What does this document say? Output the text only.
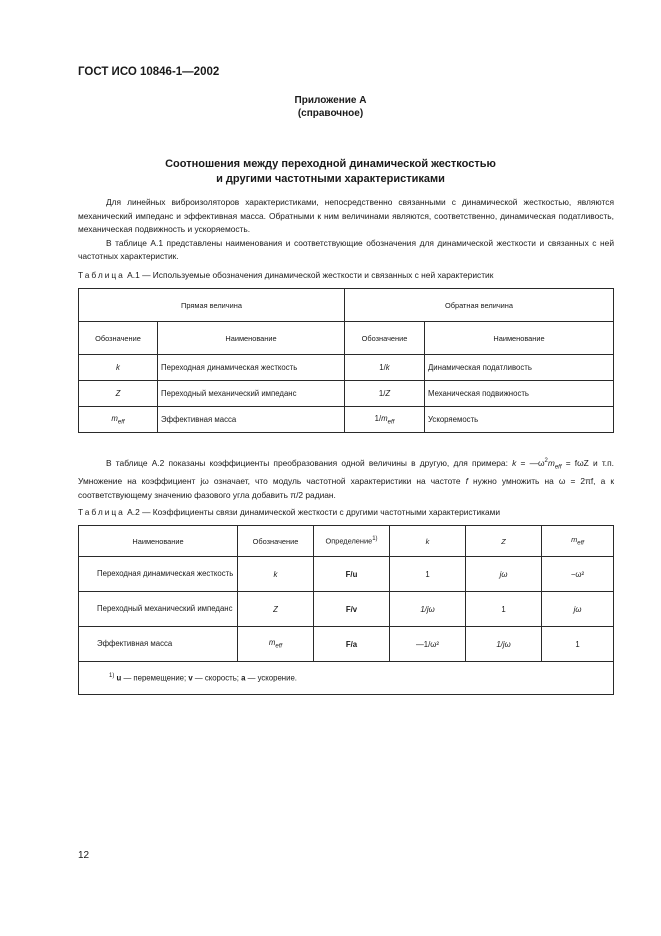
ГОСТ ИСО 10846-1—2002
Приложение А
(справочное)
Соотношения между переходной динамической жесткостью
и другими частотными характеристиками

Для линейных виброизоляторов характеристиками, непосредственно связанными с динамической жесткостью, являются механический импеданс и эффективная масса. Обратными к ним величинами являются, соответственно, динамическая податливость, механическая подвижность и ускоряемость.

В таблице А.1 представлены наименования и соответствующие обозначения для динамической жесткости и связанных с ней частотных характеристик.

Таблица А.1 — Используемые обозначения динамической жесткости и связанных с ней характеристик
Прямая величина		Обратная величина	
Обозначение	Наименование	Обозначение	Наименование
k	Переходная динамическая жесткость	1/k	Динамическая податливость
Z	Переходный механический импеданс	1/Z	Механическая подвижность
$m_{eff}$	Эффективная масса	$1/m_{eff}$	Ускоряемость

В таблице А.2 показаны коэффициенты преобразования одной величины в другую, для примера: $k = —\omega^2m_{eff} = f\omega Z$ и т.п. Умножение на коэффициент jω означает, что модуль частотной характеристики на частоте f нужно умножить на ω = 2πf, а к соответствующему значению фазового угла добавить π/2 радиан.

Таблица А.2 — Коэффициенты связи динамической жесткости с другими частотными характеристиками
Наименование	Обозначение	Определение$^{1)}$	k	Z	$m_{eff}$
Переходная динамическая жесткость	k	F/u	1	jω	−ω²
Переходный механический импеданс	Z	F/v	1/jω	1	jω
Эффективная масса	$m_{eff}$	F/a	—1/ω²	1/jω	1
$^{1)}$ u — перемещение; v — скорость; a — ускорение.					
12
